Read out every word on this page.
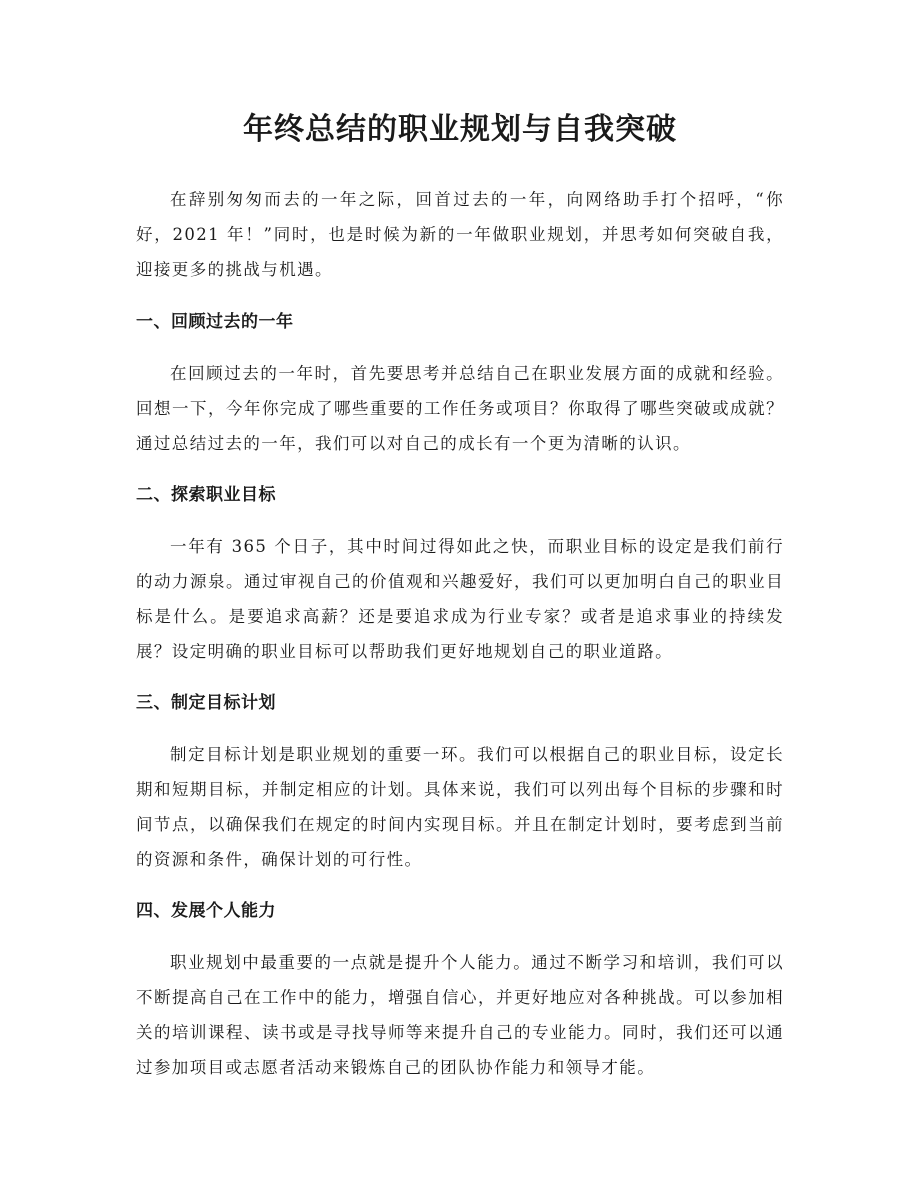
年终总结的职业规划与自我突破

在辞别匆匆而去的一年之际，回首过去的一年，向网络助手打个招呼，“你好，2021 年！”同时，也是时候为新的一年做职业规划，并思考如何突破自我，迎接更多的挑战与机遇。

一、回顾过去的一年

在回顾过去的一年时，首先要思考并总结自己在职业发展方面的成就和经验。回想一下，今年你完成了哪些重要的工作任务或项目？你取得了哪些突破或成就？通过总结过去的一年，我们可以对自己的成长有一个更为清晰的认识。

二、探索职业目标

一年有 365 个日子，其中时间过得如此之快，而职业目标的设定是我们前行的动力源泉。通过审视自己的价值观和兴趣爱好，我们可以更加明白自己的职业目标是什么。是要追求高薪？还是要追求成为行业专家？或者是追求事业的持续发展？设定明确的职业目标可以帮助我们更好地规划自己的职业道路。

三、制定目标计划

制定目标计划是职业规划的重要一环。我们可以根据自己的职业目标，设定长期和短期目标，并制定相应的计划。具体来说，我们可以列出每个目标的步骤和时间节点，以确保我们在规定的时间内实现目标。并且在制定计划时，要考虑到当前的资源和条件，确保计划的可行性。

四、发展个人能力

职业规划中最重要的一点就是提升个人能力。通过不断学习和培训，我们可以不断提高自己在工作中的能力，增强自信心，并更好地应对各种挑战。可以参加相关的培训课程、读书或是寻找导师等来提升自己的专业能力。同时，我们还可以通过参加项目或志愿者活动来锻炼自己的团队协作能力和领导才能。
